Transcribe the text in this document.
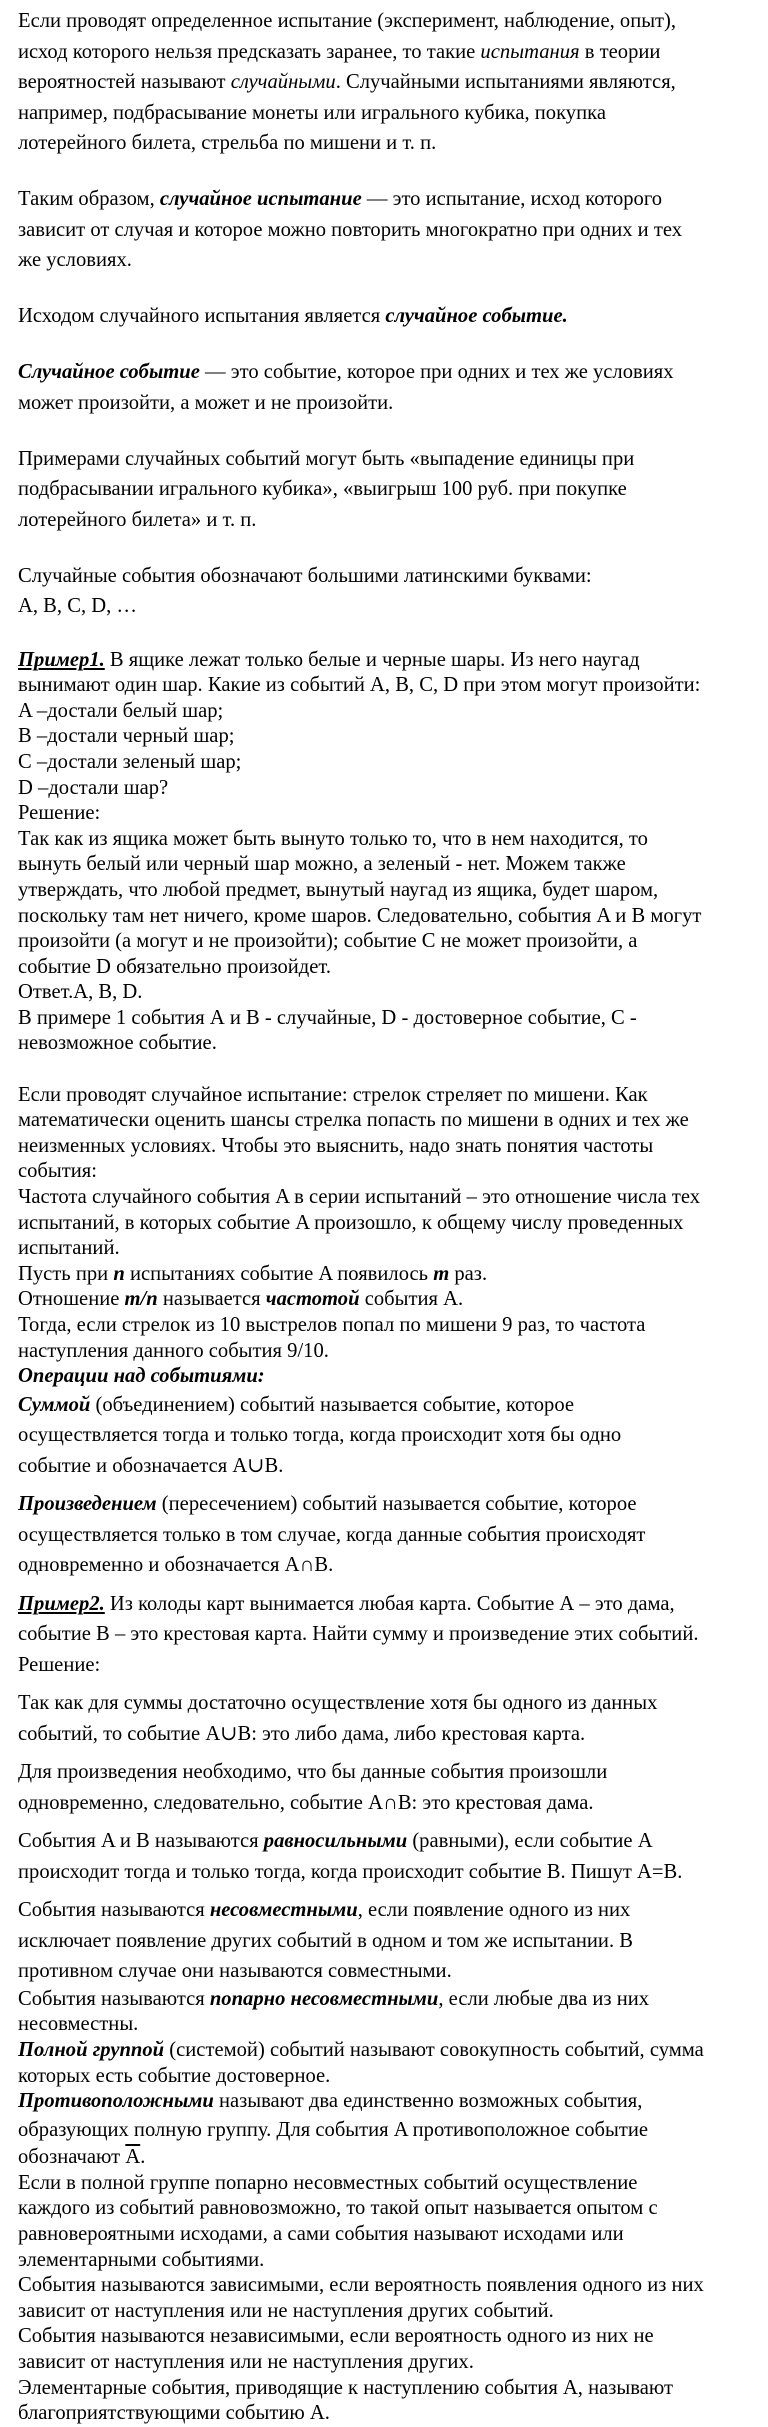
Если проводят определенное испытание (эксперимент, наблюдение, опыт),
исход которого нельзя предсказать заранее, то такие испытания в теории
вероятностей называют случайными. Случайными испытаниями являются,
например, подбрасывание монеты или игрального кубика, покупка
лотерейного билета, стрельба по мишени и т. п.

Таким образом, случайное испытание — это испытание, исход которого
зависит от случая и которое можно повторить многократно при одних и тех
же условиях.

Исходом случайного испытания является случайное событие.

Случайное событие — это событие, которое при одних и тех же условиях
может произойти, а может и не произойти.

Примерами случайных событий могут быть «выпадение единицы при
подбрасывании игрального кубика», «выигрыш 100 руб. при покупке
лотерейного билета» и т. п.

Случайные события обозначают большими латинскими буквами:
A, B, C, D, …

Пример1. В ящике лежат только белые и черные шары. Из него наугад
вынимают один шар. Какие из событий A, B, C, D при этом могут произойти:
A –достали белый шар;
B –достали черный шар;
C –достали зеленый шар;
D –достали шар?
Решение:
Так как из ящика может быть вынуто только то, что в нем находится, то
вынуть белый или черный шар можно, а зеленый - нет. Можем также
утверждать, что любой предмет, вынутый наугад из ящика, будет шаром,
поскольку там нет ничего, кроме шаров. Следовательно, события A и B могут
произойти (а могут и не произойти); событие C не может произойти, а
событие D обязательно произойдет.
Ответ.A, B, D.
В примере 1 события А и В - случайные, D - достоверное событие, С -
невозможное событие.

Если проводят случайное испытание: стрелок стреляет по мишени. Как
математически оценить шансы стрелка попасть по мишени в одних и тех же
неизменных условиях. Чтобы это выяснить, надо знать понятия частоты
события:
Частота случайного события A в серии испытаний – это отношение числа тех
испытаний, в которых событие A произошло, к общему числу проведенных
испытаний.
Пусть при n испытаниях событие A появилось m раз.
Отношение m/n называется частотой события A.
Тогда, если стрелок из 10 выстрелов попал по мишени 9 раз, то частота
наступления данного события 9/10.
Операции над событиями:

Суммой (объединением) событий называется событие, которое
осуществляется тогда и только тогда, когда происходит хотя бы одно
событие и обозначается A∪B.

Произведением (пересечением) событий называется событие, которое
осуществляется только в том случае, когда данные события происходят
одновременно и обозначается A∩B.

Пример2. Из колоды карт вынимается любая карта. Событие А – это дама,
событие В – это крестовая карта. Найти сумму и произведение этих событий.
Решение:

Так как для суммы достаточно осуществление хотя бы одного из данных
событий, то событие A∪B: это либо дама, либо крестовая карта.

Для произведения необходимо, что бы данные события произошли
одновременно, следовательно, событие A∩B: это крестовая дама.

События A и B называются равносильными (равными), если событие A
происходит тогда и только тогда, когда происходит событие B. Пишут A=B.

События называются несовместными, если появление одного из них
исключает появление других событий в одном и том же испытании. В
противном случае они называются совместными.

События называются попарно несовместными, если любые два из них
несовместны.
Полной группой (системой) событий называют совокупность событий, сумма
которых есть событие достоверное.
Противоположными называют два единственно возможных события,

образующих полную группу. Для события A противоположное событие

обозначают $\overline{A}$.
Если в полной группе попарно несовместных событий осуществление
каждого из событий равновозможно, то такой опыт называется опытом с
равновероятными исходами, а сами события называют исходами или
элементарными событиями.
События называются зависимыми, если вероятность появления одного из них
зависит от наступления или не наступления других событий.
События называются независимыми, если вероятность одного из них не
зависит от наступления или не наступления других.
Элементарные события, приводящие к наступлению события A, называют
благоприятствующими событию A.
